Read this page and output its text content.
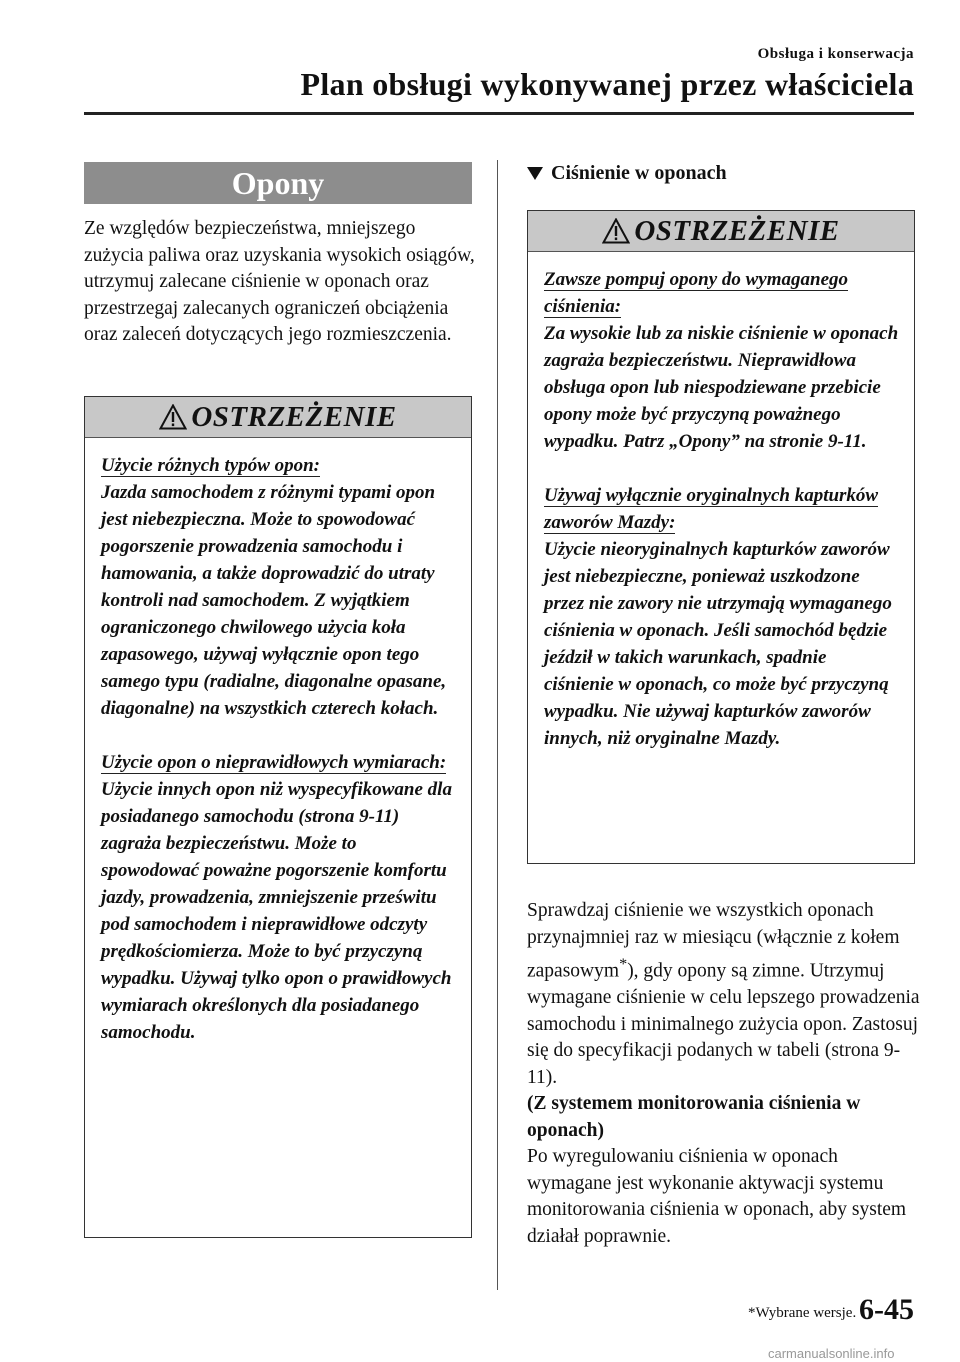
Obsługa i konserwacja
Plan obsługi wykonywanej przez właściciela
Opony
Ze względów bezpieczeństwa, mniejszego zużycia paliwa oraz uzyskania wysokich osiągów, utrzymuj zalecane ciśnienie w oponach oraz przestrzegaj zalecanych ograniczeń obciążenia oraz zaleceń dotyczących jego rozmieszczenia.
OSTRZEŻENIE

Użycie różnych typów opon:

Jazda samochodem z różnymi typami opon jest niebezpieczna. Może to spowodować pogorszenie prowadzenia samochodu i hamowania, a także doprowadzić do utraty kontroli nad samochodem. Z wyjątkiem ograniczonego chwilowego użycia koła zapasowego, używaj wyłącznie opon tego samego typu (radialne, diagonalne opasane, diagonalne) na wszystkich czterech kołach.

Użycie opon o nieprawidłowych wymiarach:

Użycie innych opon niż wyspecyfikowane dla posiadanego samochodu (strona 9-11) zagraża bezpieczeństwu. Może to spowodować poważne pogorszenie komfortu jazdy, prowadzenia, zmniejszenie prześwitu pod samochodem i nieprawidłowe odczyty prędkościomierza. Może to być przyczyną wypadku. Używaj tylko opon o prawidłowych wymiarach określonych dla posiadanego samochodu.

Ciśnienie w oponach
OSTRZEŻENIE

Zawsze pompuj opony do wymaganego ciśnienia:

Za wysokie lub za niskie ciśnienie w oponach zagraża bezpieczeństwu. Nieprawidłowa obsługa opon lub niespodziewane przebicie opony może być przyczyną poważnego wypadku. Patrz „Opony” na stronie 9-11.

Używaj wyłącznie oryginalnych kapturków zaworów Mazdy:

Użycie nieoryginalnych kapturków zaworów jest niebezpieczne, ponieważ uszkodzone przez nie zawory nie utrzymają wymaganego ciśnienia w oponach. Jeśli samochód będzie jeździł w takich warunkach, spadnie ciśnienie w oponach, co może być przyczyną wypadku. Nie używaj kapturków zaworów innych, niż oryginalne Mazdy.

Sprawdzaj ciśnienie we wszystkich oponach przynajmniej raz w miesiącu (włącznie z kołem zapasowym*), gdy opony są zimne. Utrzymuj wymagane ciśnienie w celu lepszego prowadzenia samochodu i minimalnego zużycia opon. Zastosuj się do specyfikacji podanych w tabeli (strona 9-11).
(Z systemem monitorowania ciśnienia w oponach)
Po wyregulowaniu ciśnienia w oponach wymagane jest wykonanie aktywacji systemu monitorowania ciśnienia w oponach, aby system działał poprawnie.
*Wybrane wersje. 6-45
carmanualsonline.info
